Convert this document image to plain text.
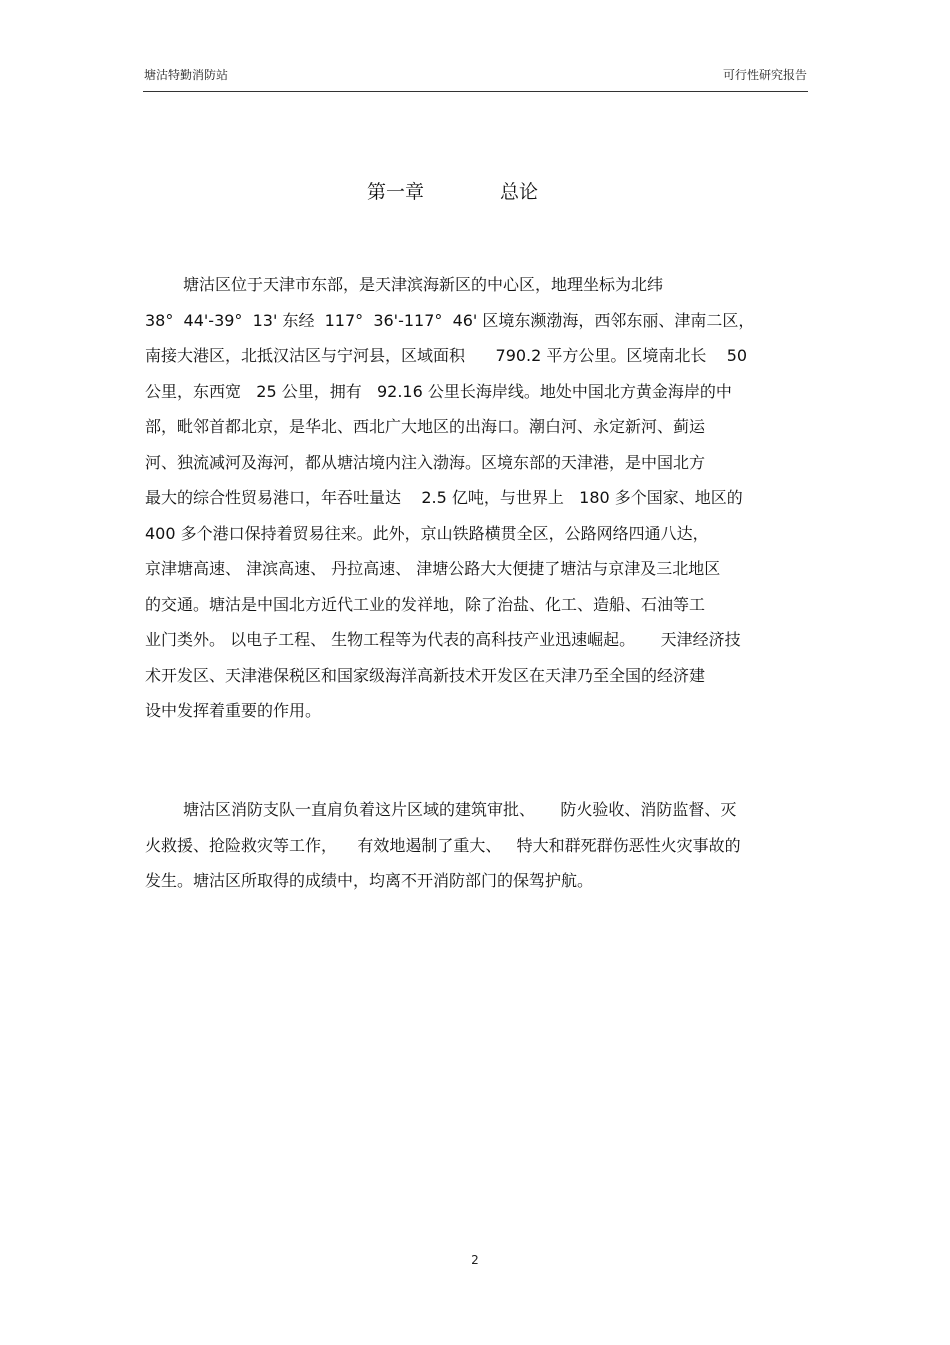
塘沽特勤消防站	可行性研究报告
第一章	总论
塘沽区位于天津市东部，是天津滨海新区的中心区，地理坐标为北纬
38°  44'-39°  13' 东经  117°  36'-117°  46' 区境东濒渤海，西邻东丽、津南二区，
南接大港区，北抵汉沽区与宁河县，区域面积      790.2 平方公里。区境南北长    50
公里，东西宽   25 公里，拥有   92.16 公里长海岸线。地处中国北方黄金海岸的中
部，毗邻首都北京，是华北、西北广大地区的出海口。潮白河、永定新河、蓟运
河、独流减河及海河，都从塘沽境内注入渤海。区境东部的天津港，是中国北方
最大的综合性贸易港口，年吞吐量达    2.5 亿吨，与世界上   180 多个国家、地区的
400 多个港口保持着贸易往来。此外，京山铁路横贯全区，公路网络四通八达，
京津塘高速、 津滨高速、 丹拉高速、 津塘公路大大便捷了塘沽与京津及三北地区
的交通。塘沽是中国北方近代工业的发祥地，除了治盐、化工、造船、石油等工
业门类外。 以电子工程、 生物工程等为代表的高科技产业迅速崛起。     天津经济技
术开发区、天津港保税区和国家级海洋高新技术开发区在天津乃至全国的经济建
设中发挥着重要的作用。
塘沽区消防支队一直肩负着这片区域的建筑审批、     防火验收、消防监督、灭
火救援、抢险救灾等工作，    有效地遏制了重大、   特大和群死群伤恶性火灾事故的
发生。塘沽区所取得的成绩中，均离不开消防部门的保驾护航。
2
